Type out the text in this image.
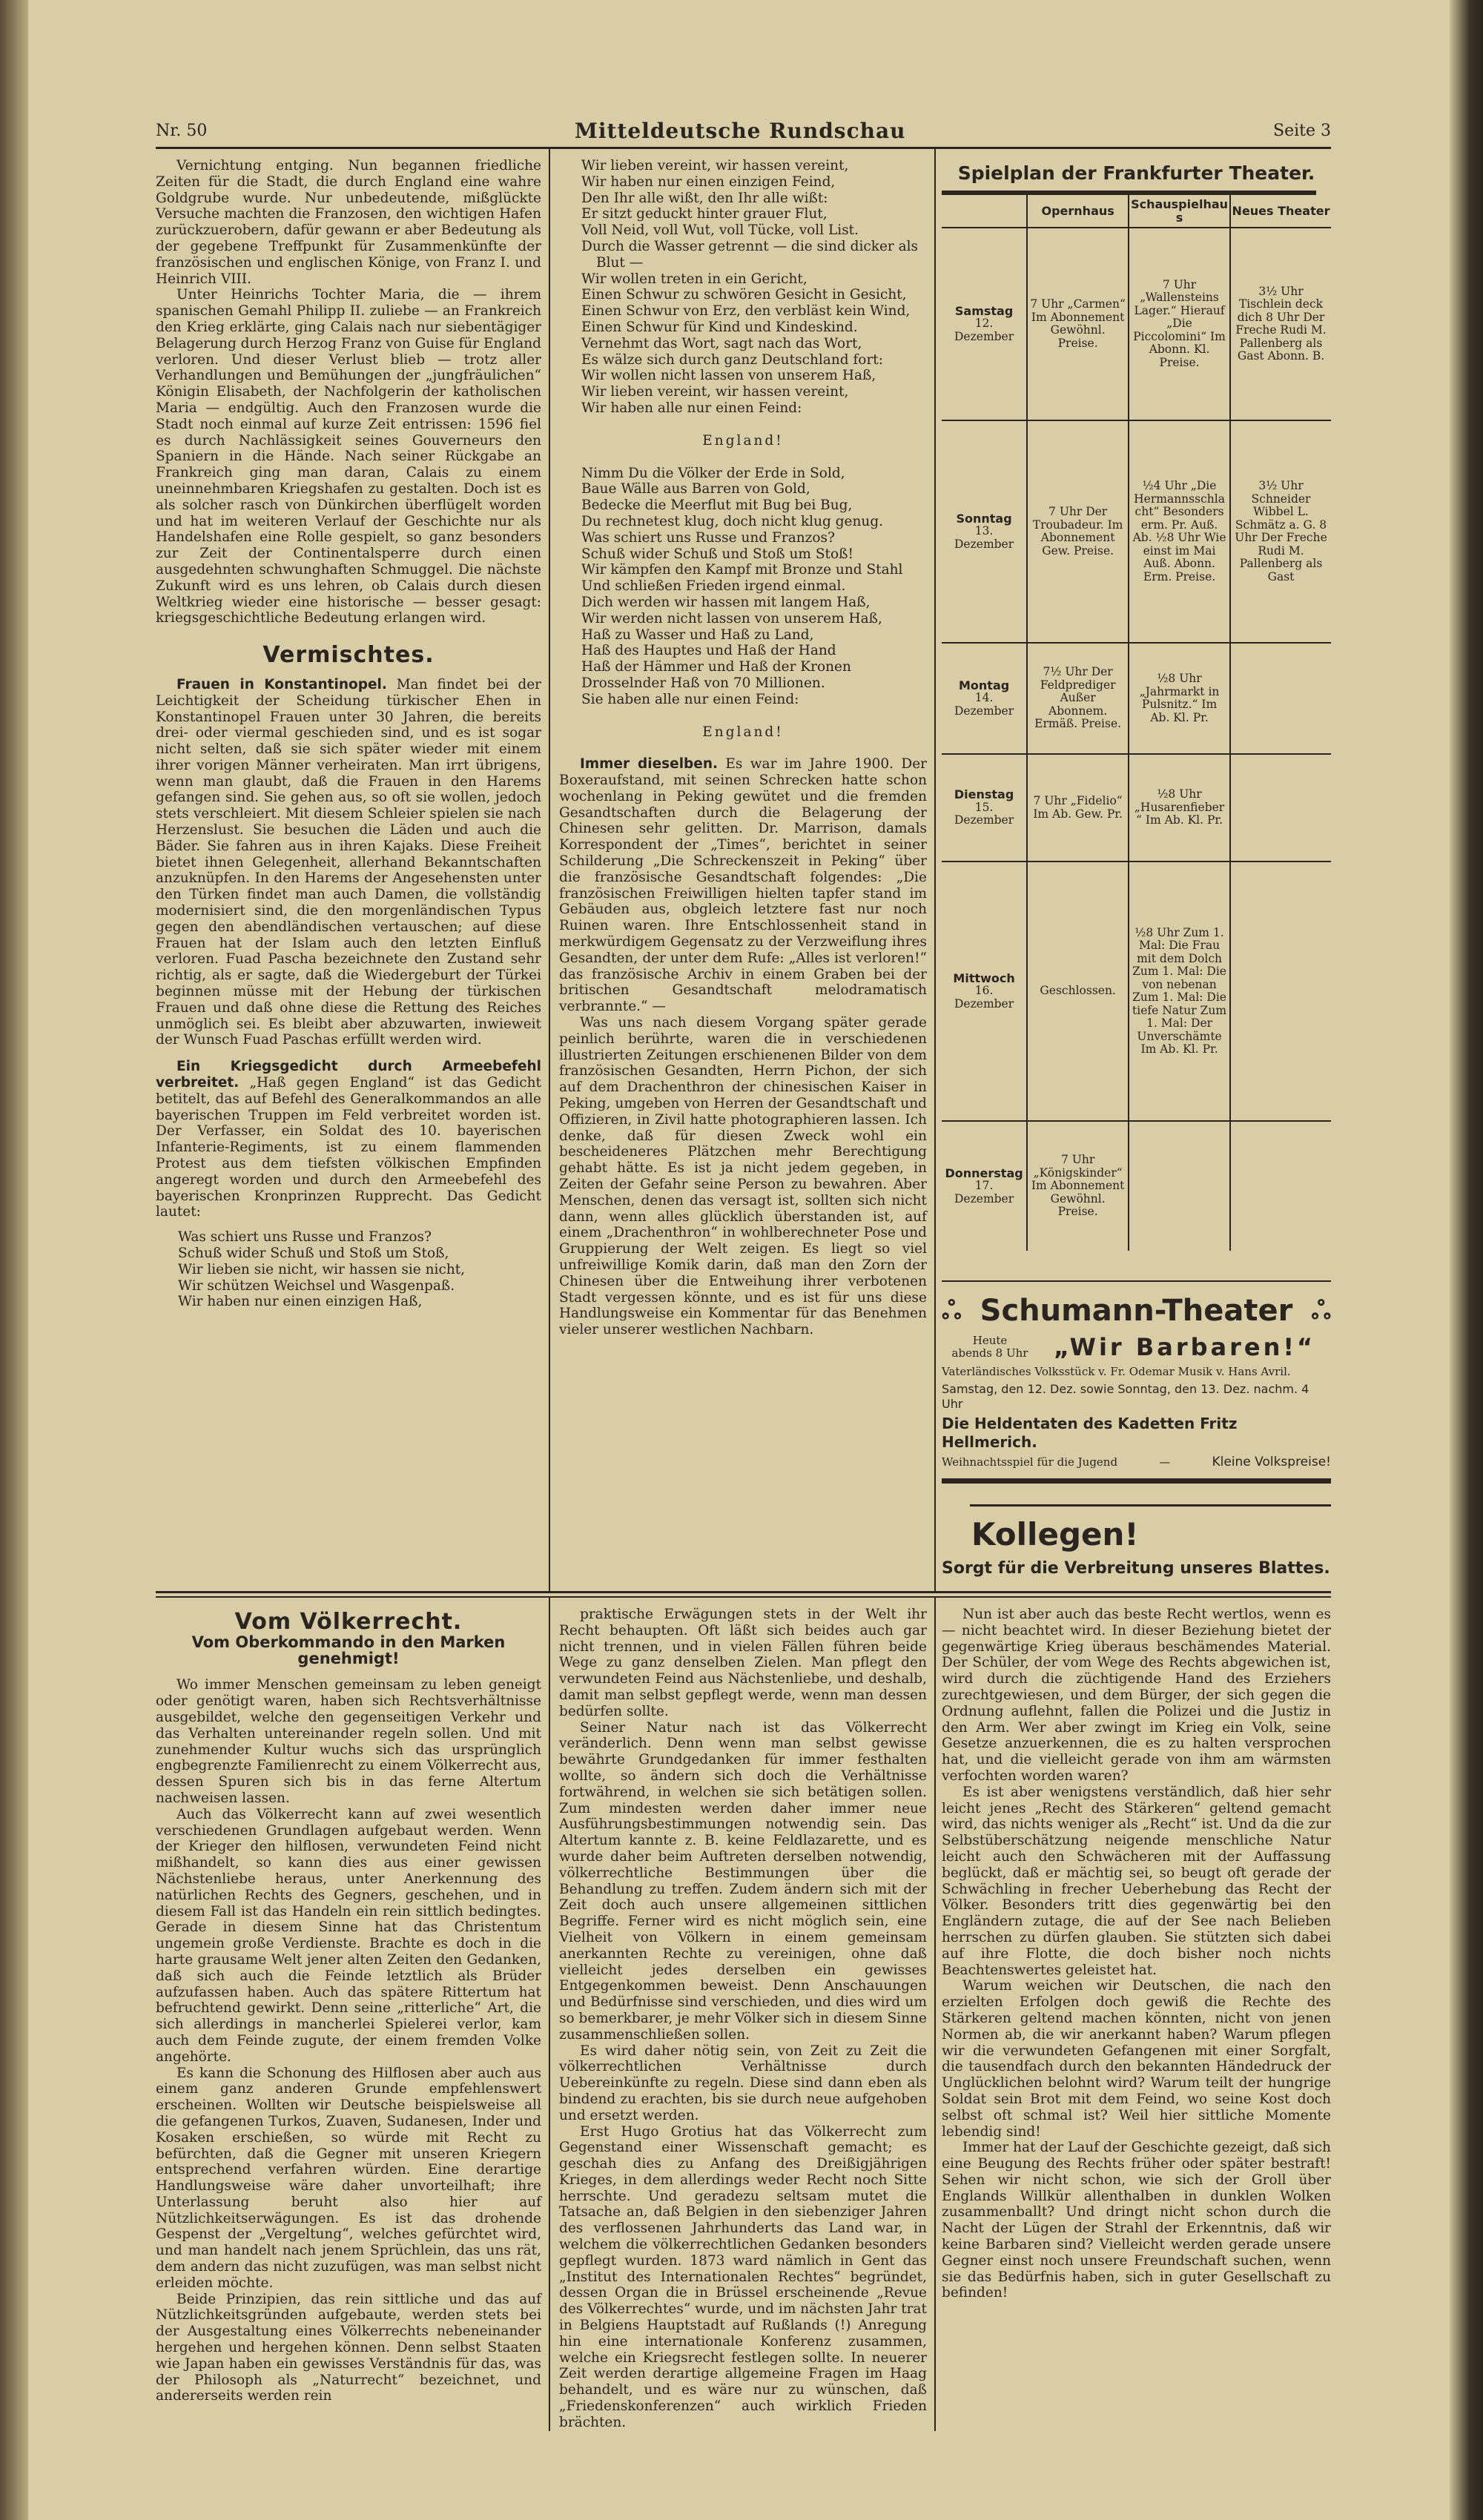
Nr. 50	Mitteldeutsche Rundschau	Seite 3

Vernichtung entging. Nun begannen friedliche Zeiten für die Stadt, die durch England eine wahre Goldgrube wurde. Nur unbedeutende, mißglückte Versuche machten die Franzosen, den wichtigen Hafen zurückzuerobern, dafür gewann er aber Bedeutung als der gegebene Treffpunkt für Zusammenkünfte der französischen und englischen Könige, von Franz I. und Heinrich VIII.

Unter Heinrichs Tochter Maria, die — ihrem spanischen Gemahl Philipp II. zuliebe — an Frankreich den Krieg erklärte, ging Calais nach nur siebentägiger Belagerung durch Herzog Franz von Guise für England verloren. Und dieser Verlust blieb — trotz aller Verhandlungen und Bemühungen der „jungfräulichen“ Königin Elisabeth, der Nachfolgerin der katholischen Maria — endgültig. Auch den Franzosen wurde die Stadt noch einmal auf kurze Zeit entrissen: 1596 fiel es durch Nachlässigkeit seines Gouverneurs den Spaniern in die Hände. Nach seiner Rückgabe an Frankreich ging man daran, Calais zu einem uneinnehmbaren Kriegshafen zu gestalten. Doch ist es als solcher rasch von Dünkirchen überflügelt worden und hat im weiteren Verlauf der Geschichte nur als Handelshafen eine Rolle gespielt, so ganz besonders zur Zeit der Continentalsperre durch einen ausgedehnten schwunghaften Schmuggel. Die nächste Zukunft wird es uns lehren, ob Calais durch diesen Weltkrieg wieder eine historische — besser gesagt: kriegsgeschichtliche Bedeutung erlangen wird.

Vermischtes.

Frauen in Konstantinopel. Man findet bei der Leichtigkeit der Scheidung türkischer Ehen in Konstantinopel Frauen unter 30 Jahren, die bereits drei- oder viermal geschieden sind, und es ist sogar nicht selten, daß sie sich später wieder mit einem ihrer vorigen Männer verheiraten. Man irrt übrigens, wenn man glaubt, daß die Frauen in den Harems gefangen sind. Sie gehen aus, so oft sie wollen, jedoch stets verschleiert. Mit diesem Schleier spielen sie nach Herzenslust. Sie besuchen die Läden und auch die Bäder. Sie fahren aus in ihren Kajaks. Diese Freiheit bietet ihnen Gelegenheit, allerhand Bekanntschaften anzuknüpfen. In den Harems der Angesehensten unter den Türken findet man auch Damen, die vollständig modernisiert sind, die den morgenländischen Typus gegen den abendländischen vertauschen; auf diese Frauen hat der Islam auch den letzten Einfluß verloren. Fuad Pascha bezeichnete den Zustand sehr richtig, als er sagte, daß die Wiedergeburt der Türkei beginnen müsse mit der Hebung der türkischen Frauen und daß ohne diese die Rettung des Reiches unmöglich sei. Es bleibt aber abzuwarten, inwieweit der Wunsch Fuad Paschas erfüllt werden wird.

Ein Kriegsgedicht durch Armeebefehl verbreitet. „Haß gegen England“ ist das Gedicht betitelt, das auf Befehl des Generalkommandos an alle bayerischen Truppen im Feld verbreitet worden ist. Der Verfasser, ein Soldat des 10. bayerischen Infanterie-Regiments, ist zu einem flammenden Protest aus dem tiefsten völkischen Empfinden angeregt worden und durch den Armeebefehl des bayerischen Kronprinzen Rupprecht. Das Gedicht lautet:

Was schiert uns Russe und Franzos?
Schuß wider Schuß und Stoß um Stoß,
Wir lieben sie nicht, wir hassen sie nicht,
Wir schützen Weichsel und Wasgenpaß.
Wir haben nur einen einzigen Haß,
Wir lieben vereint, wir hassen vereint,
Wir haben nur einen einzigen Feind,
Den Ihr alle wißt, den Ihr alle wißt:
Er sitzt geduckt hinter grauer Flut,
Voll Neid, voll Wut, voll Tücke, voll List.
Durch die Wasser getrennt — die sind dicker als Blut —
Wir wollen treten in ein Gericht,
Einen Schwur zu schwören Gesicht in Gesicht,
Einen Schwur von Erz, den verbläst kein Wind,
Einen Schwur für Kind und Kindeskind.
Vernehmt das Wort, sagt nach das Wort,
Es wälze sich durch ganz Deutschland fort:
Wir wollen nicht lassen von unserem Haß,
Wir lieben vereint, wir hassen vereint,
Wir haben alle nur einen Feind:

England!

Nimm Du die Völker der Erde in Sold,
Baue Wälle aus Barren von Gold,
Bedecke die Meerflut mit Bug bei Bug,
Du rechnetest klug, doch nicht klug genug.
Was schiert uns Russe und Franzos?
Schuß wider Schuß und Stoß um Stoß!
Wir kämpfen den Kampf mit Bronze und Stahl
Und schließen Frieden irgend einmal.
Dich werden wir hassen mit langem Haß,
Wir werden nicht lassen von unserem Haß,
Haß zu Wasser und Haß zu Land,
Haß des Hauptes und Haß der Hand
Haß der Hämmer und Haß der Kronen
Drosselnder Haß von 70 Millionen.
Sie haben alle nur einen Feind:

England!

Immer dieselben. Es war im Jahre 1900. Der Boxeraufstand, mit seinen Schrecken hatte schon wochenlang in Peking gewütet und die fremden Gesandtschaften durch die Belagerung der Chinesen sehr gelitten. Dr. Marrison, damals Korrespondent der „Times“, berichtet in seiner Schilderung „Die Schreckenszeit in Peking“ über die französische Gesandtschaft folgendes: „Die französischen Freiwilligen hielten tapfer stand im Gebäuden aus, obgleich letztere fast nur noch Ruinen waren. Ihre Entschlossenheit stand in merkwürdigem Gegensatz zu der Verzweiflung ihres Gesandten, der unter dem Rufe: „Alles ist verloren!“ das französische Archiv in einem Graben bei der britischen Gesandtschaft melodramatisch verbrannte.“ —

Was uns nach diesem Vorgang später gerade peinlich berührte, waren die in verschiedenen illustrierten Zeitungen erschienenen Bilder von dem französischen Gesandten, Herrn Pichon, der sich auf dem Drachenthron der chinesischen Kaiser in Peking, umgeben von Herren der Gesandtschaft und Offizieren, in Zivil hatte photographieren lassen. Ich denke, daß für diesen Zweck wohl ein bescheideneres Plätzchen mehr Berechtigung gehabt hätte. Es ist ja nicht jedem gegeben, in Zeiten der Gefahr seine Person zu bewahren. Aber Menschen, denen das versagt ist, sollten sich nicht dann, wenn alles glücklich überstanden ist, auf einem „Drachenthron“ in wohlberechneter Pose und Gruppierung der Welt zeigen. Es liegt so viel unfreiwillige Komik darin, daß man den Zorn der Chinesen über die Entweihung ihrer verbotenen Stadt vergessen könnte, und es ist für uns diese Handlungsweise ein Kommentar für das Benehmen vieler unserer westlichen Nachbarn.

Spielplan der Frankfurter Theater.
	Opernhaus	Schauspielhaus	Neues Theater

Samstag
12. Dezember	7 Uhr „Carmen“ Im Abonnement Gewöhnl. Preise.	7 Uhr „Wallensteins Lager.“ Hierauf „Die Piccolomini“ Im Abonn. Kl. Preise.	3½ Uhr Tischlein deck dich 8 Uhr Der Freche Rudi M. Pallenberg als Gast Abonn. B.

Sonntag
13. Dezember	7 Uhr Der Troubadeur. Im Abonnement Gew. Preise.	½4 Uhr „Die Hermannsschlacht“ Besonders erm. Pr. Auß. Ab. ½8 Uhr Wie einst im Mai Auß. Abonn. Erm. Preise.	3½ Uhr Schneider Wibbel L. Schmätz a. G. 8 Uhr Der Freche Rudi M. Pallenberg als Gast

Montag
14. Dezember	7½ Uhr Der Feldprediger Außer Abonnem. Ermäß. Preise.	½8 Uhr „Jahrmarkt in Pulsnitz.“ Im Ab. Kl. Pr.	

Dienstag
15. Dezember	7 Uhr „Fidelio“ Im Ab. Gew. Pr.	½8 Uhr „Husarenfieber“ Im Ab. Kl. Pr.	

Mittwoch
16. Dezember	Geschlossen.	½8 Uhr Zum 1. Mal: Die Frau mit dem Dolch Zum 1. Mal: Die von nebenan Zum 1. Mal: Die tiefe Natur Zum 1. Mal: Der Unverschämte Im Ab. Kl. Pr.	

Donnerstag
17. Dezember	7 Uhr „Königskinder“ Im Abonnement Gewöhnl. Preise.		
ஃ Schumann-Theater ஃ
Heute
abends 8 Uhr	„Wir Barbaren!“
Vaterländisches Volksstück v. Fr. Odemar Musik v. Hans Avril.
Samstag, den 12. Dez. sowie Sonntag, den 13. Dez. nachm. 4 Uhr
Die Heldentaten des Kadetten Fritz Hellmerich.
Weihnachtsspiel für die Jugend	—	Kleine Volkspreise!
Kollegen!
Sorgt für die Verbreitung unseres Blattes.
Vom Völkerrecht.
Vom Oberkommando in den Marken genehmigt!

Wo immer Menschen gemeinsam zu leben geneigt oder genötigt waren, haben sich Rechtsverhältnisse ausgebildet, welche den gegenseitigen Verkehr und das Verhalten untereinander regeln sollen. Und mit zunehmender Kultur wuchs sich das ursprünglich engbegrenzte Familienrecht zu einem Völkerrecht aus, dessen Spuren sich bis in das ferne Altertum nachweisen lassen.

Auch das Völkerrecht kann auf zwei wesentlich verschiedenen Grundlagen aufgebaut werden. Wenn der Krieger den hilflosen, verwundeten Feind nicht mißhandelt, so kann dies aus einer gewissen Nächstenliebe heraus, unter Anerkennung des natürlichen Rechts des Gegners, geschehen, und in diesem Fall ist das Handeln ein rein sittlich bedingtes. Gerade in diesem Sinne hat das Christentum ungemein große Verdienste. Brachte es doch in die harte grausame Welt jener alten Zeiten den Gedanken, daß sich auch die Feinde letztlich als Brüder aufzufassen haben. Auch das spätere Rittertum hat befruchtend gewirkt. Denn seine „ritterliche“ Art, die sich allerdings in mancherlei Spielerei verlor, kam auch dem Feinde zugute, der einem fremden Volke angehörte.

Es kann die Schonung des Hilflosen aber auch aus einem ganz anderen Grunde empfehlenswert erscheinen. Wollten wir Deutsche beispielsweise all die gefangenen Turkos, Zuaven, Sudanesen, Inder und Kosaken erschießen, so würde mit Recht zu befürchten, daß die Gegner mit unseren Kriegern entsprechend verfahren würden. Eine derartige Handlungsweise wäre daher unvorteilhaft; ihre Unterlassung beruht also hier auf Nützlichkeitserwägungen. Es ist das drohende Gespenst der „Vergeltung“, welches gefürchtet wird, und man handelt nach jenem Sprüchlein, das uns rät, dem andern das nicht zuzufügen, was man selbst nicht erleiden möchte.

Beide Prinzipien, das rein sittliche und das auf Nützlichkeitsgründen aufgebaute, werden stets bei der Ausgestaltung eines Völkerrechts nebeneinander hergehen und hergehen können. Denn selbst Staaten wie Japan haben ein gewisses Verständnis für das, was der Philosoph als „Naturrecht“ bezeichnet, und andererseits werden rein

praktische Erwägungen stets in der Welt ihr Recht behaupten. Oft läßt sich beides auch gar nicht trennen, und in vielen Fällen führen beide Wege zu ganz denselben Zielen. Man pflegt den verwundeten Feind aus Nächstenliebe, und deshalb, damit man selbst gepflegt werde, wenn man dessen bedürfen sollte.

Seiner Natur nach ist das Völkerrecht veränderlich. Denn wenn man selbst gewisse bewährte Grundgedanken für immer festhalten wollte, so ändern sich doch die Verhältnisse fortwährend, in welchen sie sich betätigen sollen. Zum mindesten werden daher immer neue Ausführungsbestimmungen notwendig sein. Das Altertum kannte z. B. keine Feldlazarette, und es wurde daher beim Auftreten derselben notwendig, völkerrechtliche Bestimmungen über die Behandlung zu treffen. Zudem ändern sich mit der Zeit doch auch unsere allgemeinen sittlichen Begriffe. Ferner wird es nicht möglich sein, eine Vielheit von Völkern in einem gemeinsam anerkannten Rechte zu vereinigen, ohne daß vielleicht jedes derselben ein gewisses Entgegenkommen beweist. Denn Anschauungen und Bedürfnisse sind verschieden, und dies wird um so bemerkbarer, je mehr Völker sich in diesem Sinne zusammenschließen sollen.

Es wird daher nötig sein, von Zeit zu Zeit die völkerrechtlichen Verhältnisse durch Uebereinkünfte zu regeln. Diese sind dann eben als bindend zu erachten, bis sie durch neue aufgehoben und ersetzt werden.

Erst Hugo Grotius hat das Völkerrecht zum Gegenstand einer Wissenschaft gemacht; es geschah dies zu Anfang des Dreißigjährigen Krieges, in dem allerdings weder Recht noch Sitte herrschte. Und geradezu seltsam mutet die Tatsache an, daß Belgien in den siebenziger Jahren des verflossenen Jahrhunderts das Land war, in welchem die völkerrechtlichen Gedanken besonders gepflegt wurden. 1873 ward nämlich in Gent das „Institut des Internationalen Rechtes“ begründet, dessen Organ die in Brüssel erscheinende „Revue des Völkerrechtes“ wurde, und im nächsten Jahr trat in Belgiens Hauptstadt auf Rußlands (!) Anregung hin eine internationale Konferenz zusammen, welche ein Kriegsrecht festlegen sollte. In neuerer Zeit werden derartige allgemeine Fragen im Haag behandelt, und es wäre nur zu wünschen, daß „Friedenskonferenzen“ auch wirklich Frieden brächten.

Nun ist aber auch das beste Recht wertlos, wenn es — nicht beachtet wird. In dieser Beziehung bietet der gegenwärtige Krieg überaus beschämendes Material. Der Schüler, der vom Wege des Rechts abgewichen ist, wird durch die züchtigende Hand des Erziehers zurechtgewiesen, und dem Bürger, der sich gegen die Ordnung auflehnt, fallen die Polizei und die Justiz in den Arm. Wer aber zwingt im Krieg ein Volk, seine Gesetze anzuerkennen, die es zu halten versprochen hat, und die vielleicht gerade von ihm am wärmsten verfochten worden waren?

Es ist aber wenigstens verständlich, daß hier sehr leicht jenes „Recht des Stärkeren“ geltend gemacht wird, das nichts weniger als „Recht“ ist. Und da die zur Selbstüberschätzung neigende menschliche Natur leicht auch den Schwächeren mit der Auffassung beglückt, daß er mächtig sei, so beugt oft gerade der Schwächling in frecher Ueberhebung das Recht der Völker. Besonders tritt dies gegenwärtig bei den Engländern zutage, die auf der See nach Belieben herrschen zu dürfen glauben. Sie stützten sich dabei auf ihre Flotte, die doch bisher noch nichts Beachtenswertes geleistet hat.

Warum weichen wir Deutschen, die nach den erzielten Erfolgen doch gewiß die Rechte des Stärkeren geltend machen könnten, nicht von jenen Normen ab, die wir anerkannt haben? Warum pflegen wir die verwundeten Gefangenen mit einer Sorgfalt, die tausendfach durch den bekannten Händedruck der Unglücklichen belohnt wird? Warum teilt der hungrige Soldat sein Brot mit dem Feind, wo seine Kost doch selbst oft schmal ist? Weil hier sittliche Momente lebendig sind!

Immer hat der Lauf der Geschichte gezeigt, daß sich eine Beugung des Rechts früher oder später bestraft! Sehen wir nicht schon, wie sich der Groll über Englands Willkür allenthalben in dunklen Wolken zusammenballt? Und dringt nicht schon durch die Nacht der Lügen der Strahl der Erkenntnis, daß wir keine Barbaren sind? Vielleicht werden gerade unsere Gegner einst noch unsere Freundschaft suchen, wenn sie das Bedürfnis haben, sich in guter Gesellschaft zu befinden!
